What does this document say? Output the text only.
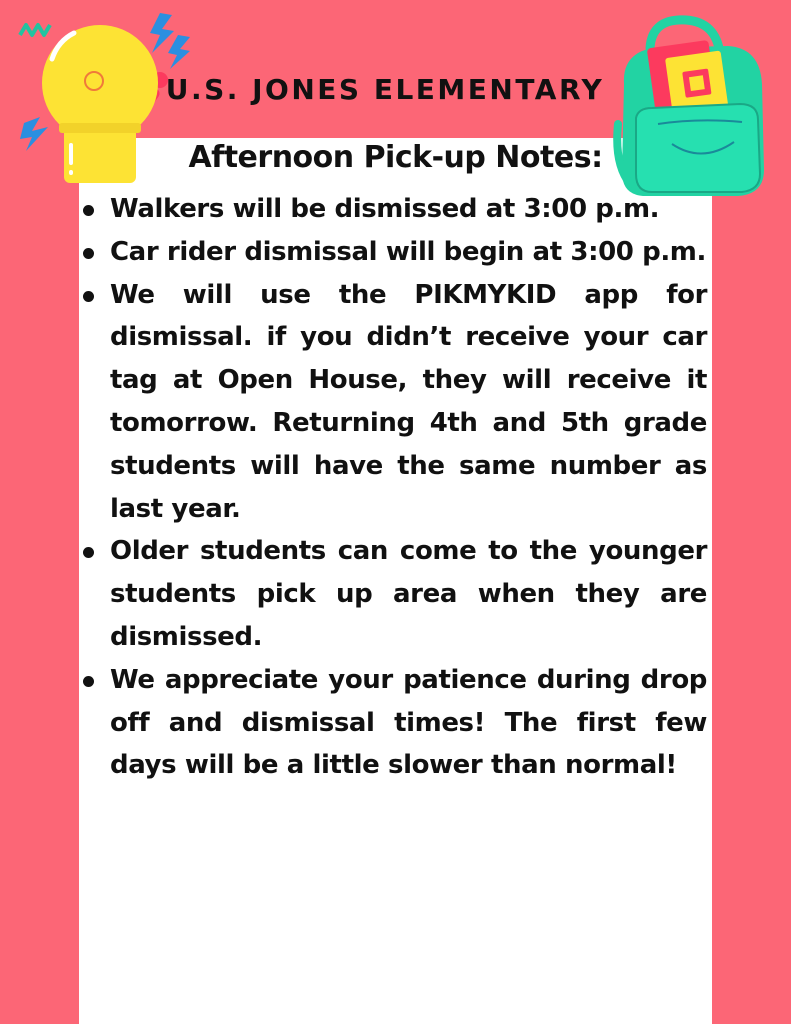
U.S. JONES ELEMENTARY
Afternoon Pick-up Notes:
Walkers will be dismissed at 3:00 p.m.
Car rider dismissal will begin at 3:00 p.m.
We will use the PIKMYKID app for dismissal. if you didn’t receive your car tag at Open House, they will receive it tomorrow. Returning 4th and 5th grade students will have the same number as last year.
Older students can come to the younger students pick up area when they are dismissed.
We appreciate your patience during drop off and dismissal times! The first few days will be a little slower than normal!
